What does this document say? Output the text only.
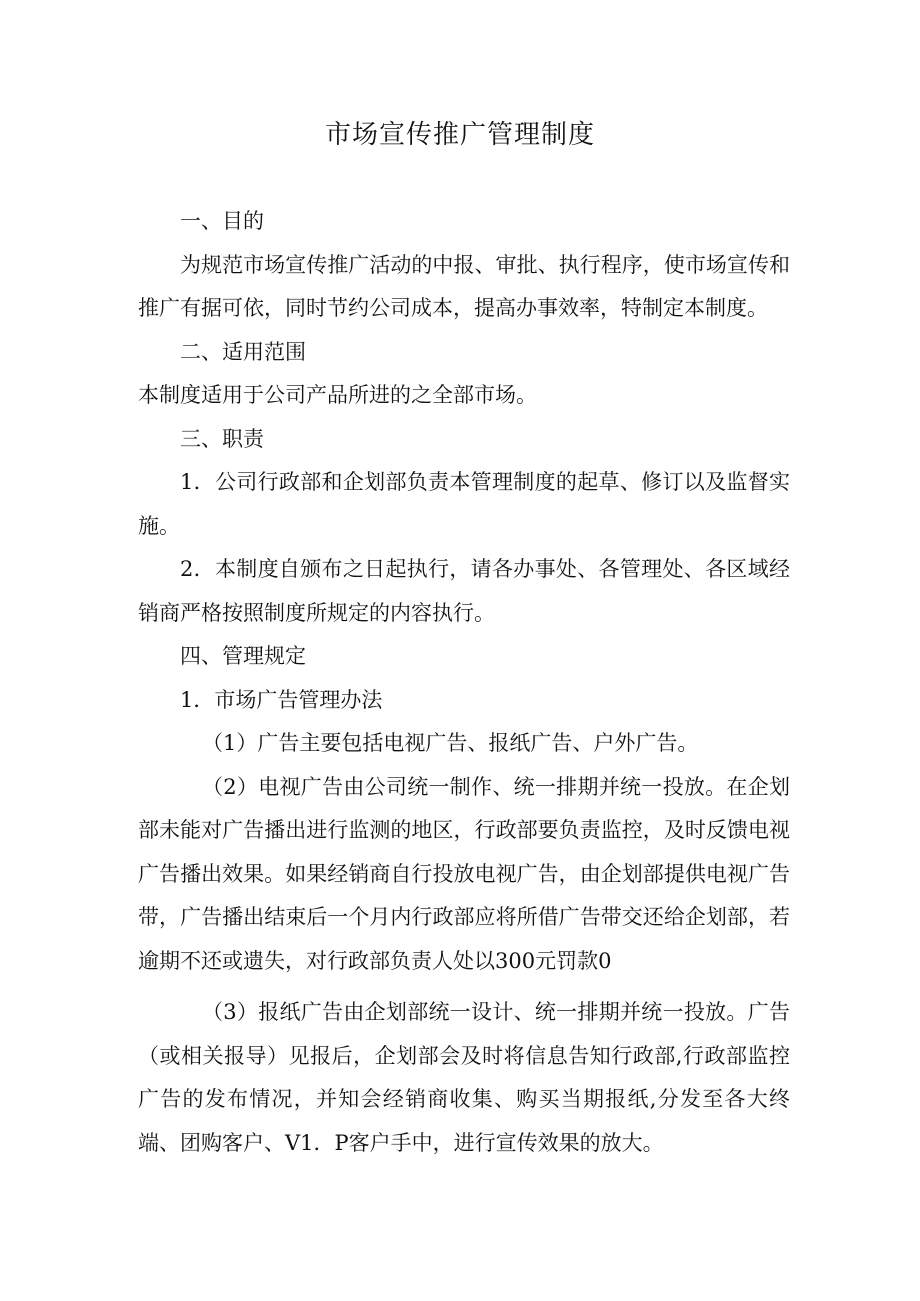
市场宣传推广管理制度

一、目的

为规范市场宣传推广活动的中报、审批、执行程序，使市场宣传和推广有据可依，同时节约公司成本，提高办事效率，特制定本制度。

二、适用范围

本制度适用于公司产品所进的之全部市场。

三、职责

1．公司行政部和企划部负责本管理制度的起草、修订以及监督实施。

2．本制度自颁布之日起执行，请各办事处、各管理处、各区域经销商严格按照制度所规定的内容执行。

四、管理规定

1．市场广告管理办法

（1）广告主要包括电视广告、报纸广告、户外广告。

（2）电视广告由公司统一制作、统一排期并统一投放。在企划部未能对广告播出进行监测的地区，行政部要负责监控，及时反馈电视广告播出效果。如果经销商自行投放电视广告，由企划部提供电视广告带，广告播出结束后一个月内行政部应将所借广告带交还给企划部，若逾期不还或遗失，对行政部负责人处以300元罚款0

（3）报纸广告由企划部统一设计、统一排期并统一投放。广告（或相关报导）见报后，企划部会及时将信息告知行政部,行政部监控广告的发布情况，并知会经销商收集、购买当期报纸,分发至各大终端、团购客户、V1．P客户手中，进行宣传效果的放大。
